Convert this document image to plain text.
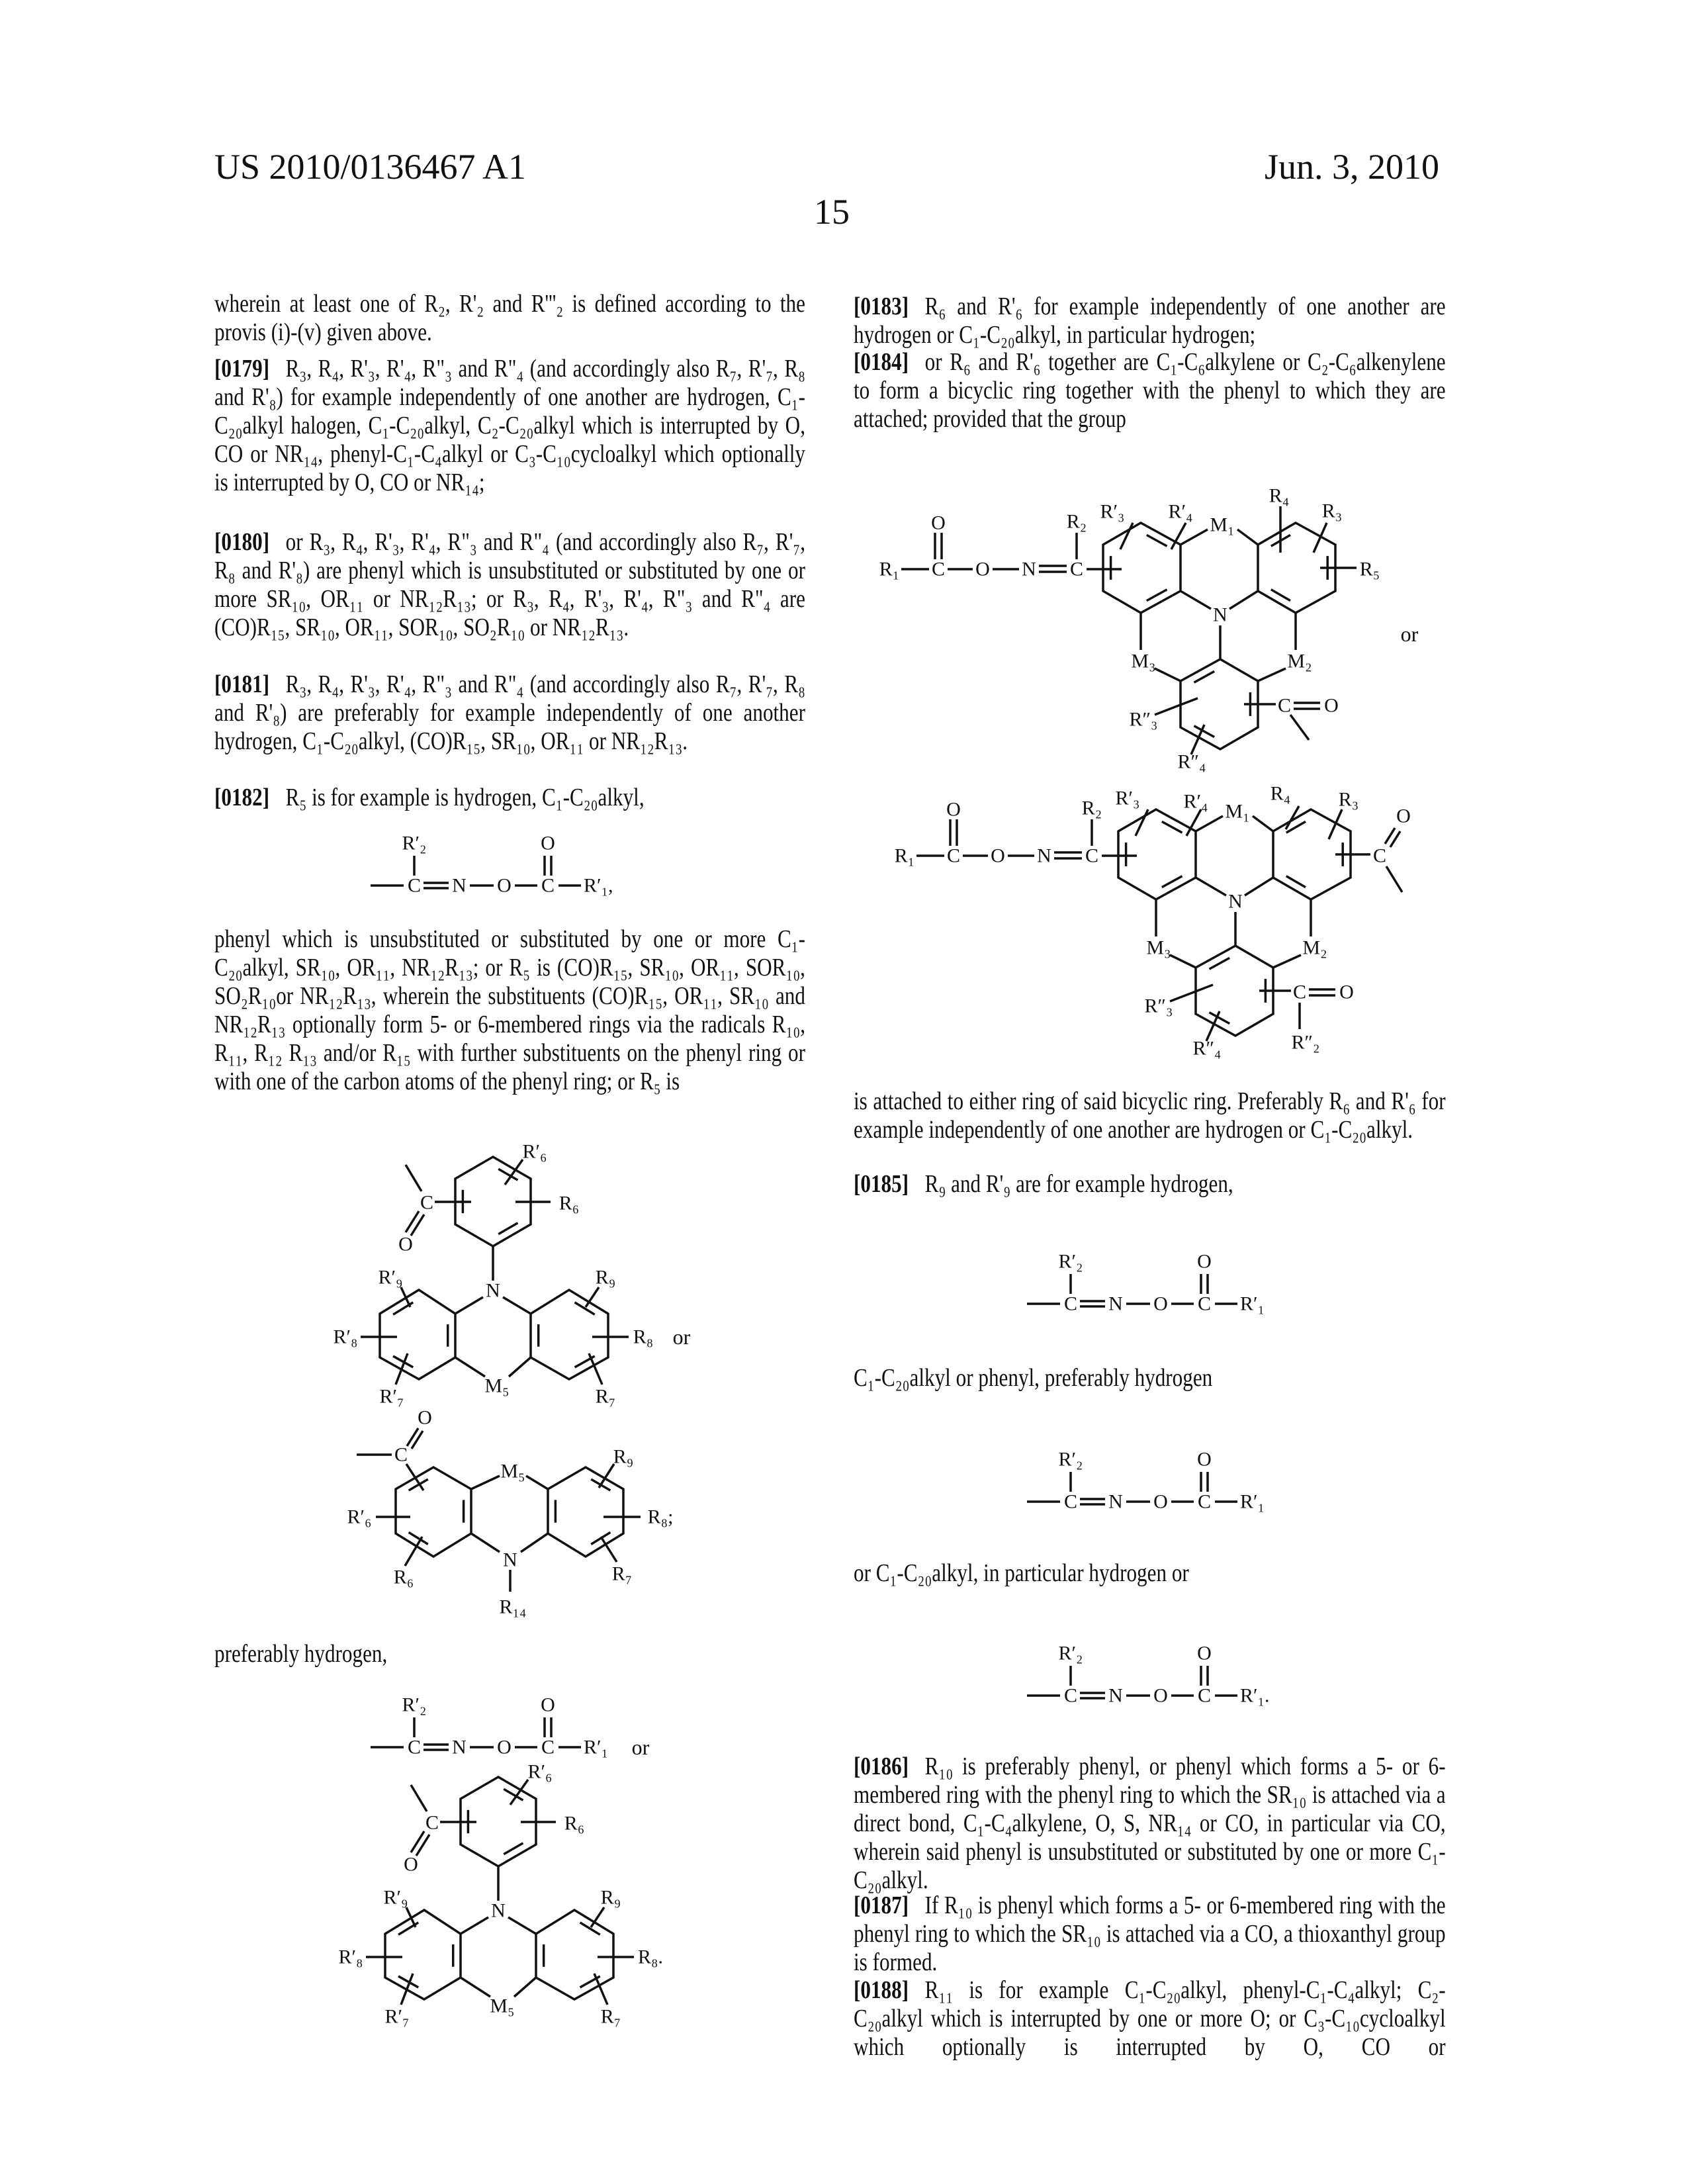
US 2010/0136467 A1	Jun. 3, 2010
15
wherein at least one of R₂, R'₂ and R'''₂ is defined according to the provis (i)-(v) given above.
[0179] R₃, R₄, R'₃, R'₄, R"₃ and R"₄ (and accordingly also R₇, R'₇, R₈ and R'₈) for example independently of one another are hydrogen, C₁-C₂₀alkyl halogen, C₁-C₂₀alkyl, C₂-C₂₀alkyl which is interrupted by O, CO or NR₁₄, phenyl-C₁-C₄alkyl or C₃-C₁₀cycloalkyl which optionally is interrupted by O, CO or NR₁₄;
[0180] or R₃, R₄, R'₃, R'₄, R"₃ and R"₄ (and accordingly also R₇, R'₇, R₈ and R'₈) are phenyl which is unsubstituted or substituted by one or more SR₁₀, OR₁₁ or NR₁₂R₁₃; or R₃, R₄, R'₃, R'₄, R"₃ and R"₄ are (CO)R₁₅, SR₁₀, OR₁₁, SOR₁₀, SO₂R₁₀ or NR₁₂R₁₃.
[0181] R₃, R₄, R'₃, R'₄, R"₃ and R"₄ (and accordingly also R₇, R'₇, R₈ and R'₈) are preferably for example independently of one another hydrogen, C₁-C₂₀alkyl, (CO)R₁₅, SR₁₀, OR₁₁ or NR₁₂R₁₃.
[0182] R₅ is for example is hydrogen, C₁-C₂₀alkyl,
phenyl which is unsubstituted or substituted by one or more C₁-C₂₀alkyl, SR₁₀, OR₁₁, NR₁₂R₁₃; or R₅ is (CO)R₁₅, SR₁₀, OR₁₁, SOR₁₀, SO₂R₁₀or NR₁₂R₁₃, wherein the substituents (CO)R₁₅, OR₁₁, SR₁₀ and NR₁₂R₁₃ optionally form 5- or 6-membered rings via the radicals R₁₀, R₁₁, R₁₂ R₁₃ and/or R₁₅ with further substituents on the phenyl ring or with one of the carbon atoms of the phenyl ring; or R₅ is
preferably hydrogen,
[0183] R₆ and R'₆ for example independently of one another are hydrogen or C₁-C₂₀alkyl, in particular hydrogen;
[0184] or R₆ and R'₆ together are C₁-C₆alkylene or C₂-C₆alkenylene to form a bicyclic ring together with the phenyl to which they are attached; provided that the group
is attached to either ring of said bicyclic ring. Preferably R₆ and R'₆ for example independently of one another are hydrogen or C₁-C₂₀alkyl.
[0185] R₉ and R'₉ are for example hydrogen,
C₁-C₂₀alkyl or phenyl, preferably hydrogen
or C₁-C₂₀alkyl, in particular hydrogen or
[0186] R₁₀ is preferably phenyl, or phenyl which forms a 5- or 6-membered ring with the phenyl ring to which the SR₁₀ is attached via a direct bond, C₁-C₄alkylene, O, S, NR₁₄ or CO, in particular via CO, wherein said phenyl is unsubstituted or substituted by one or more C₁-C₂₀alkyl.
[0187] If R₁₀ is phenyl which forms a 5- or 6-membered ring with the phenyl ring to which the SR₁₀ is attached via a CO, a thioxanthyl group is formed.
[0188] R₁₁ is for example C₁-C₂₀alkyl, phenyl-C₁-C₄alkyl; C₂-C₂₀alkyl which is interrupted by one or more O; or C₃-C₁₀cycloalkyl which optionally is interrupted by O, CO or
C N O C
R′₂	O
R′₁,
C N O C
R′₂	O
R′₁ or
C N O C
R′₂	O
R′₁
C N O C
R′₂	O
R′₁
C N O C
R′₂	O
R′₁.
C
O
R′₆
R₆
N
M₅
R′₉	R₉
R′₈	R₈
R′₇	R₇
or
C
O
M₅
N
R₁₄
R′₆
R₆
R₉
R₈;
R₇
C
O
R′₆
R₆
N
M₅
R′₉	R₉
R′₈	R₈.
R′₇	R₇
R₁ C
O
O N C
R₂ R′₃ R′₄
M₁
R₄
R₃
R₅
N
M₃	M₂
C O
R″₃
R″₄
or
R₁ C
O
O N C
R₂ R′₃ R′₄ M₁
R₄ R₃
C
O
N
M₃	M₂
C O
R″₂
R″₃
R″₄
